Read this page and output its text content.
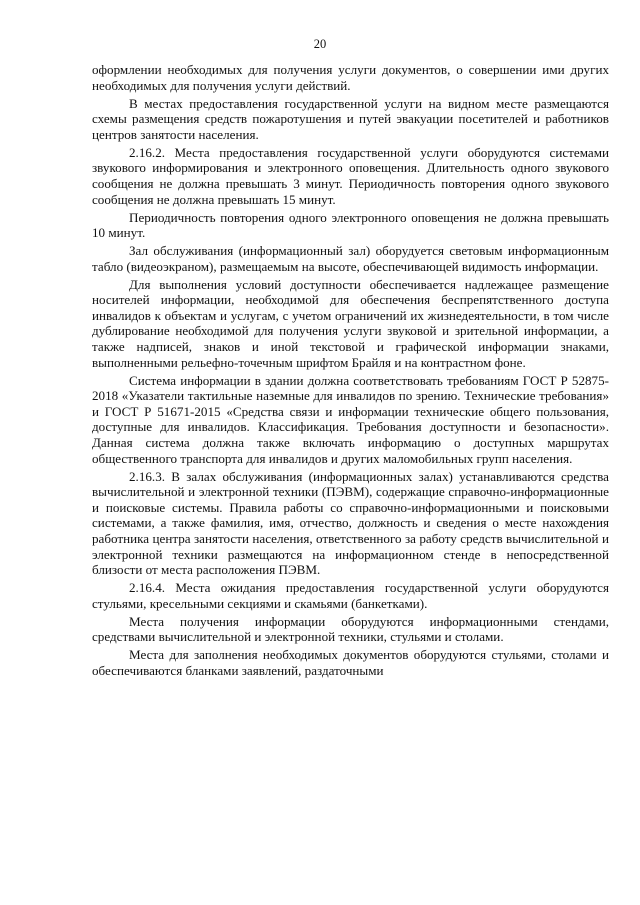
20

оформлении необходимых для получения услуги документов, о совершении ими других необходимых для получения услуги действий.

В местах предоставления государственной услуги на видном месте размещаются схемы размещения средств пожаротушения и путей эвакуации посетителей и работников центров занятости населения.

2.16.2. Места предоставления государственной услуги оборудуются системами звукового информирования и электронного оповещения. Длительность одного звукового сообщения не должна превышать 3 минут. Периодичность повторения одного звукового сообщения не должна превышать 15 минут.

Периодичность повторения одного электронного оповещения не должна превышать 10 минут.

Зал обслуживания (информационный зал) оборудуется световым информационным табло (видеоэкраном), размещаемым на высоте, обеспечивающей видимость информации.

Для выполнения условий доступности обеспечивается надлежащее размещение носителей информации, необходимой для обеспечения беспрепятственного доступа инвалидов к объектам и услугам, с учетом ограничений их жизнедеятельности, в том числе дублирование необходимой для получения услуги звуковой и зрительной информации, а также надписей, знаков и иной текстовой и графической информации знаками, выполненными рельефно-точечным шрифтом Брайля и на контрастном фоне.

Система информации в здании должна соответствовать требованиям ГОСТ Р 52875-2018 «Указатели тактильные наземные для инвалидов по зрению. Технические требования» и ГОСТ Р 51671-2015 «Средства связи и информации технические общего пользования, доступные для инвалидов. Классификация. Требования доступности и безопасности». Данная система должна также включать информацию о доступных маршрутах общественного транспорта для инвалидов и других маломобильных групп населения.

2.16.3. В залах обслуживания (информационных залах) устанавливаются средства вычислительной и электронной техники (ПЭВМ), содержащие справочно-информационные и поисковые системы. Правила работы со справочно-информационными и поисковыми системами, а также фамилия, имя, отчество, должность и сведения о месте нахождения работника центра занятости населения, ответственного за работу средств вычислительной и электронной техники размещаются на информационном стенде в непосредственной близости от места расположения ПЭВМ.

2.16.4. Места ожидания предоставления государственной услуги оборудуются стульями, кресельными секциями и скамьями (банкетками).

Места получения информации оборудуются информационными стендами, средствами вычислительной и электронной техники, стульями и столами.

Места для заполнения необходимых документов оборудуются стульями, столами и обеспечиваются бланками заявлений, раздаточными
